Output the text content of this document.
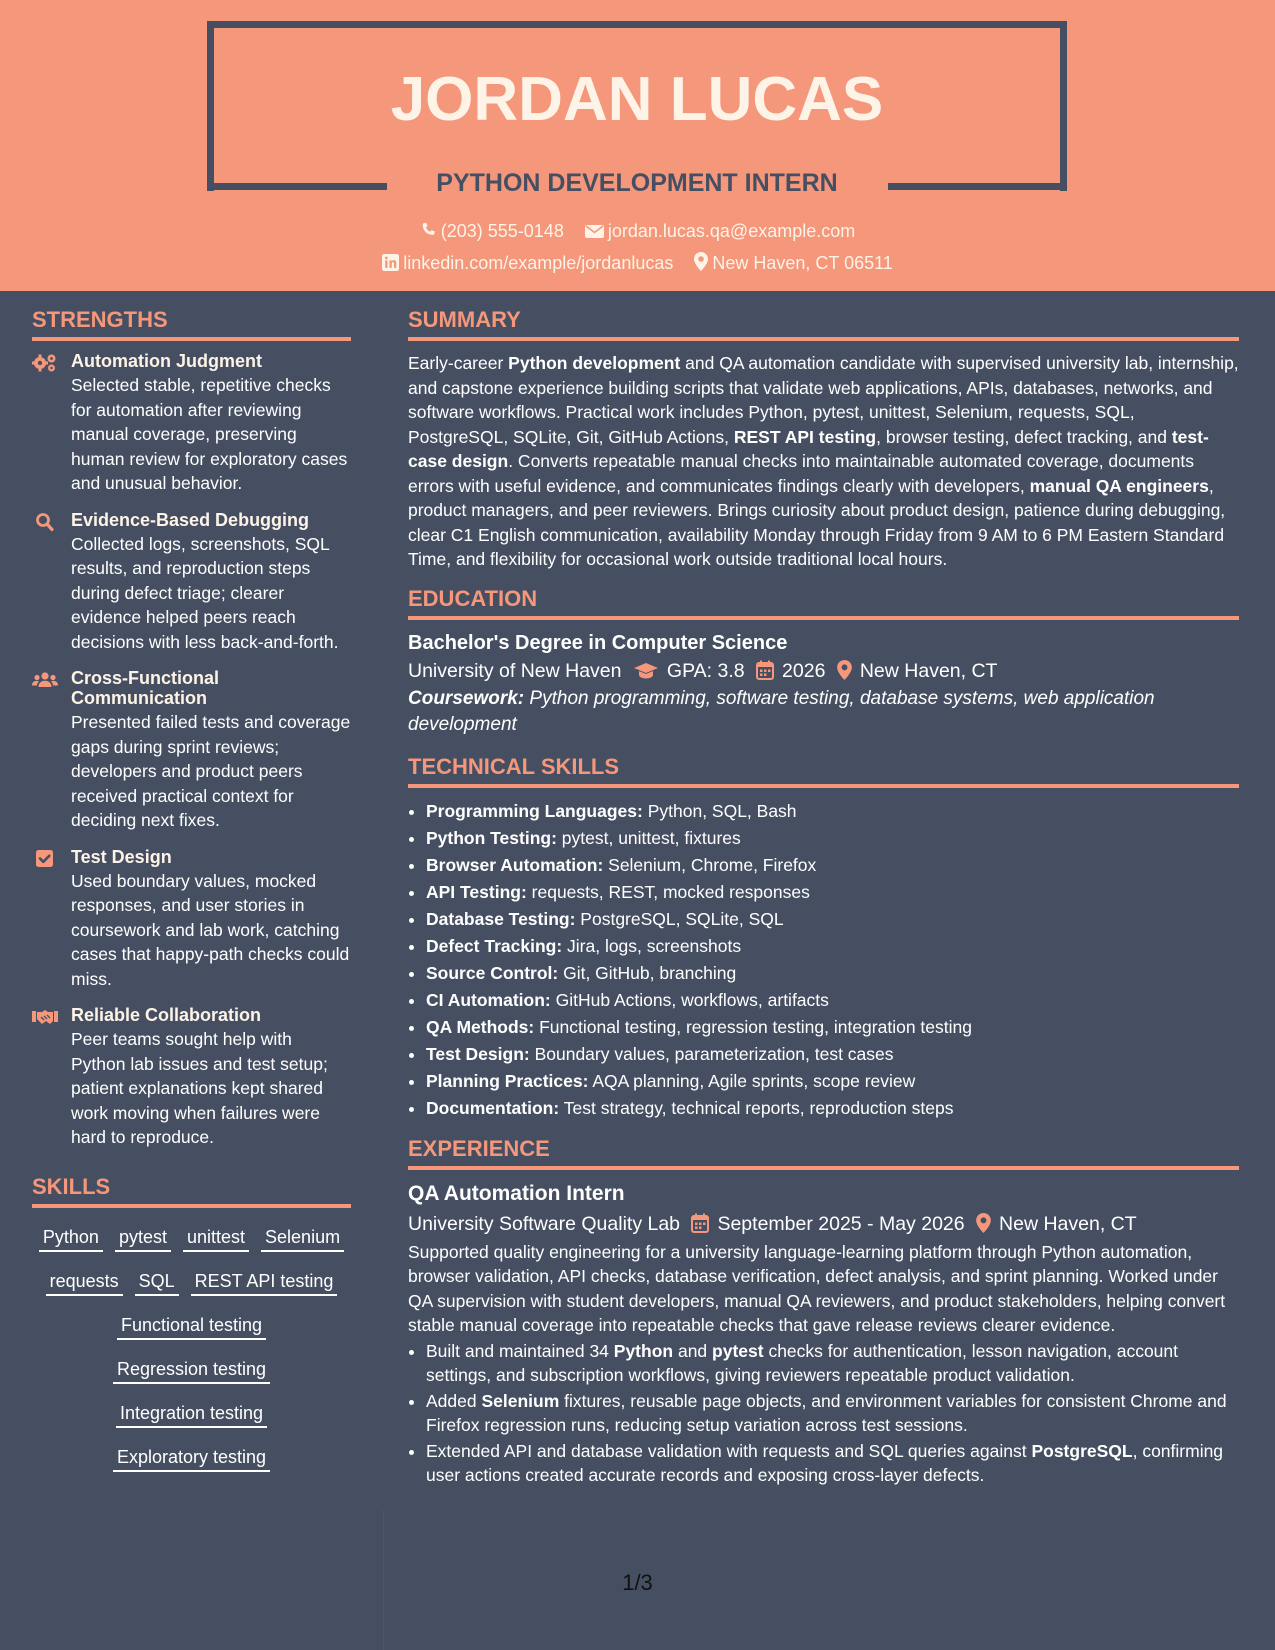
JORDAN LUCAS
PYTHON DEVELOPMENT INTERN
(203) 555-0148 jordan.lucas.qa@example.com
linkedin.com/example/jordanlucas New Haven, CT 06511
STRENGTHS
Automation Judgment
Selected stable, repetitive checks for automation after reviewing manual coverage, preserving human review for exploratory cases and unusual behavior.
Evidence-Based Debugging
Collected logs, screenshots, SQL results, and reproduction steps during defect triage; clearer evidence helped peers reach decisions with less back-and-forth.
Cross-Functional Communication
Presented failed tests and coverage gaps during sprint reviews; developers and product peers received practical context for deciding next fixes.
Test Design
Used boundary values, mocked responses, and user stories in coursework and lab work, catching cases that happy-path checks could miss.
Reliable Collaboration
Peer teams sought help with Python lab issues and test setup; patient explanations kept shared work moving when failures were hard to reproduce.
SKILLS
Python pytest unittest Selenium
requests SQL REST API testing
Functional testing
Regression testing
Integration testing
Exploratory testing
SUMMARY

Early-career Python development and QA automation candidate with supervised university lab, internship, and capstone experience building scripts that validate web applications, APIs, databases, networks, and software workflows. Practical work includes Python, pytest, unittest, Selenium, requests, SQL, PostgreSQL, SQLite, Git, GitHub Actions, REST API testing, browser testing, defect tracking, and test-case design. Converts repeatable manual checks into maintainable automated coverage, documents errors with useful evidence, and communicates findings clearly with developers, manual QA engineers, product managers, and peer reviewers. Brings curiosity about product design, patience during debugging, clear C1 English communication, availability Monday through Friday from 9 AM to 6 PM Eastern Standard Time, and flexibility for occasional work outside traditional local hours.

EDUCATION
Bachelor's Degree in Computer Science
University of New Haven GPA: 3.8 2026 New Haven, CT
Coursework: Python programming, software testing, database systems, web application development
TECHNICAL SKILLS
• Programming Languages: Python, SQL, Bash
• Python Testing: pytest, unittest, fixtures
• Browser Automation: Selenium, Chrome, Firefox
• API Testing: requests, REST, mocked responses
• Database Testing: PostgreSQL, SQLite, SQL
• Defect Tracking: Jira, logs, screenshots
• Source Control: Git, GitHub, branching
• CI Automation: GitHub Actions, workflows, artifacts
• QA Methods: Functional testing, regression testing, integration testing
• Test Design: Boundary values, parameterization, test cases
• Planning Practices: AQA planning, Agile sprints, scope review
• Documentation: Test strategy, technical reports, reproduction steps
EXPERIENCE
QA Automation Intern
University Software Quality Lab September 2025 - May 2026 New Haven, CT
Supported quality engineering for a university language-learning platform through Python automation, browser validation, API checks, database verification, defect analysis, and sprint planning. Worked under QA supervision with student developers, manual QA reviewers, and product stakeholders, helping convert stable manual coverage into repeatable checks that gave release reviews clearer evidence.
• Built and maintained 34 Python and pytest checks for authentication, lesson navigation, account settings, and subscription workflows, giving reviewers repeatable product validation.
• Added Selenium fixtures, reusable page objects, and environment variables for consistent Chrome and Firefox regression runs, reducing setup variation across test sessions.
• Extended API and database validation with requests and SQL queries against PostgreSQL, confirming user actions created accurate records and exposing cross-layer defects.
1/3
